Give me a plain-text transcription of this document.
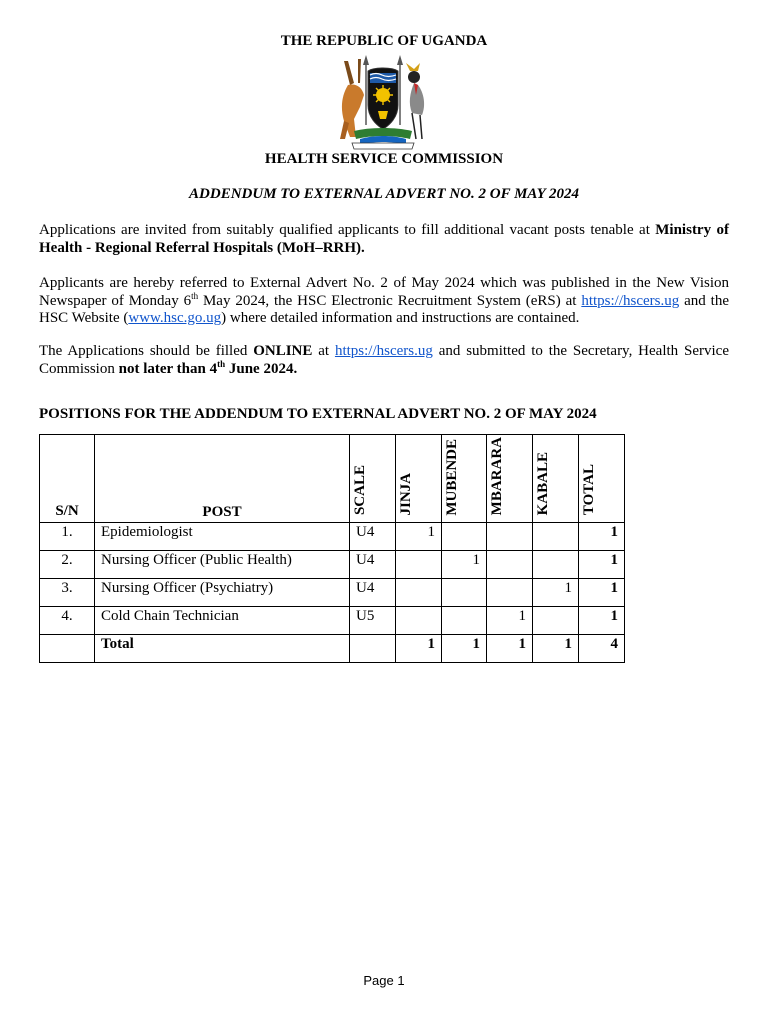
THE REPUBLIC OF UGANDA
HEALTH SERVICE COMMISSION
ADDENDUM TO EXTERNAL ADVERT NO. 2 OF MAY 2024
Applications are invited from suitably qualified applicants to fill additional vacant posts tenable at Ministry of Health - Regional Referral Hospitals (MoH–RRH).
Applicants are hereby referred to External Advert No. 2 of May 2024 which was published in the New Vision Newspaper of Monday 6th May 2024, the HSC Electronic Recruitment System (eRS) at https://hscers.ug and the HSC Website (www.hsc.go.ug) where detailed information and instructions are contained.
The Applications should be filled ONLINE at https://hscers.ug and submitted to the Secretary, Health Service Commission not later than 4th June 2024.
POSITIONS FOR THE ADDENDUM TO EXTERNAL ADVERT NO. 2 OF MAY 2024
S/N	POST	SCALE	JINJA	MUBENDE	MBARARA	KABALE	TOTAL
1.	Epidemiologist	U4	1				1
2.	Nursing Officer (Public Health)	U4		1			1
3.	Nursing Officer (Psychiatry)	U4				1	1
4.	Cold Chain Technician	U5			1		1
	Total		1	1	1	1	4
Page 1
